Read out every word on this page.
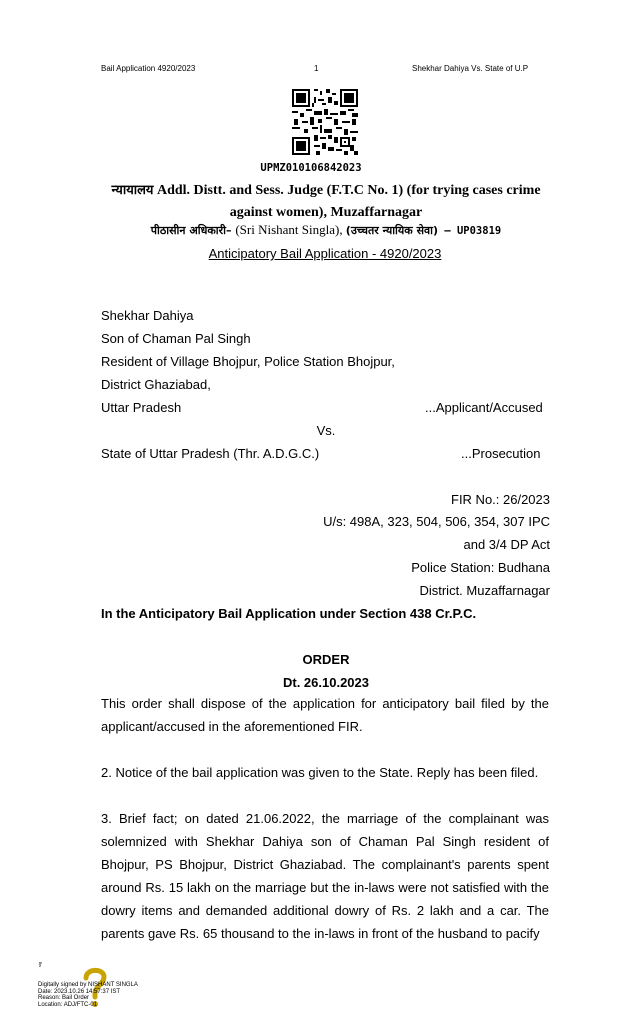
Bail Application 4920/2023	1	Shekhar Dahiya Vs. State of U.P
UPMZ010106842023
न्यायालय Addl. Distt. and Sess. Judge (F.T.C No. 1) (for trying cases crime
against women), Muzaffarnagar
पीठासीन अधिकारी– (Sri Nishant Singla), (उच्चतर न्यायिक सेवा) – UP03819
Anticipatory Bail Application - 4920/2023
Shekhar Dahiya
Son of Chaman Pal Singh
Resident of Village Bhojpur, Police Station Bhojpur,
District Ghaziabad,
Uttar Pradesh	...Applicant/Accused
Vs.
State of Uttar Pradesh (Thr. A.D.G.C.)	...Prosecution
FIR No.: 26/2023
U/s: 498A, 323, 504, 506, 354, 307 IPC
and 3/4 DP Act
Police Station: Budhana
District. Muzaffarnagar
In the Anticipatory Bail Application under Section 438 Cr.P.C.
ORDER
Dt. 26.10.2023
This order shall dispose of the application for anticipatory bail filed by the applicant/accused in the aforementioned FIR.
2. Notice of the bail application was given to the State. Reply has been filed.
3. Brief fact; on dated 21.06.2022, the marriage of the complainant was solemnized with Shekhar Dahiya son of Chaman Pal Singh resident of Bhojpur, PS Bhojpur, District Ghaziabad. The complainant's parents spent around Rs. 15 lakh on the marriage but the in-laws were not satisfied with the dowry items and demanded additional dowry of Rs. 2 lakh and a car. The parents gave Rs. 65 thousand to the in-laws in front of the husband to pacify
sig
Digitally signed by NISHANT SINGLA
Date: 2023.10.26 14:57:37 IST
Reason: Bail Order
Location: ADJ/FTC-01
